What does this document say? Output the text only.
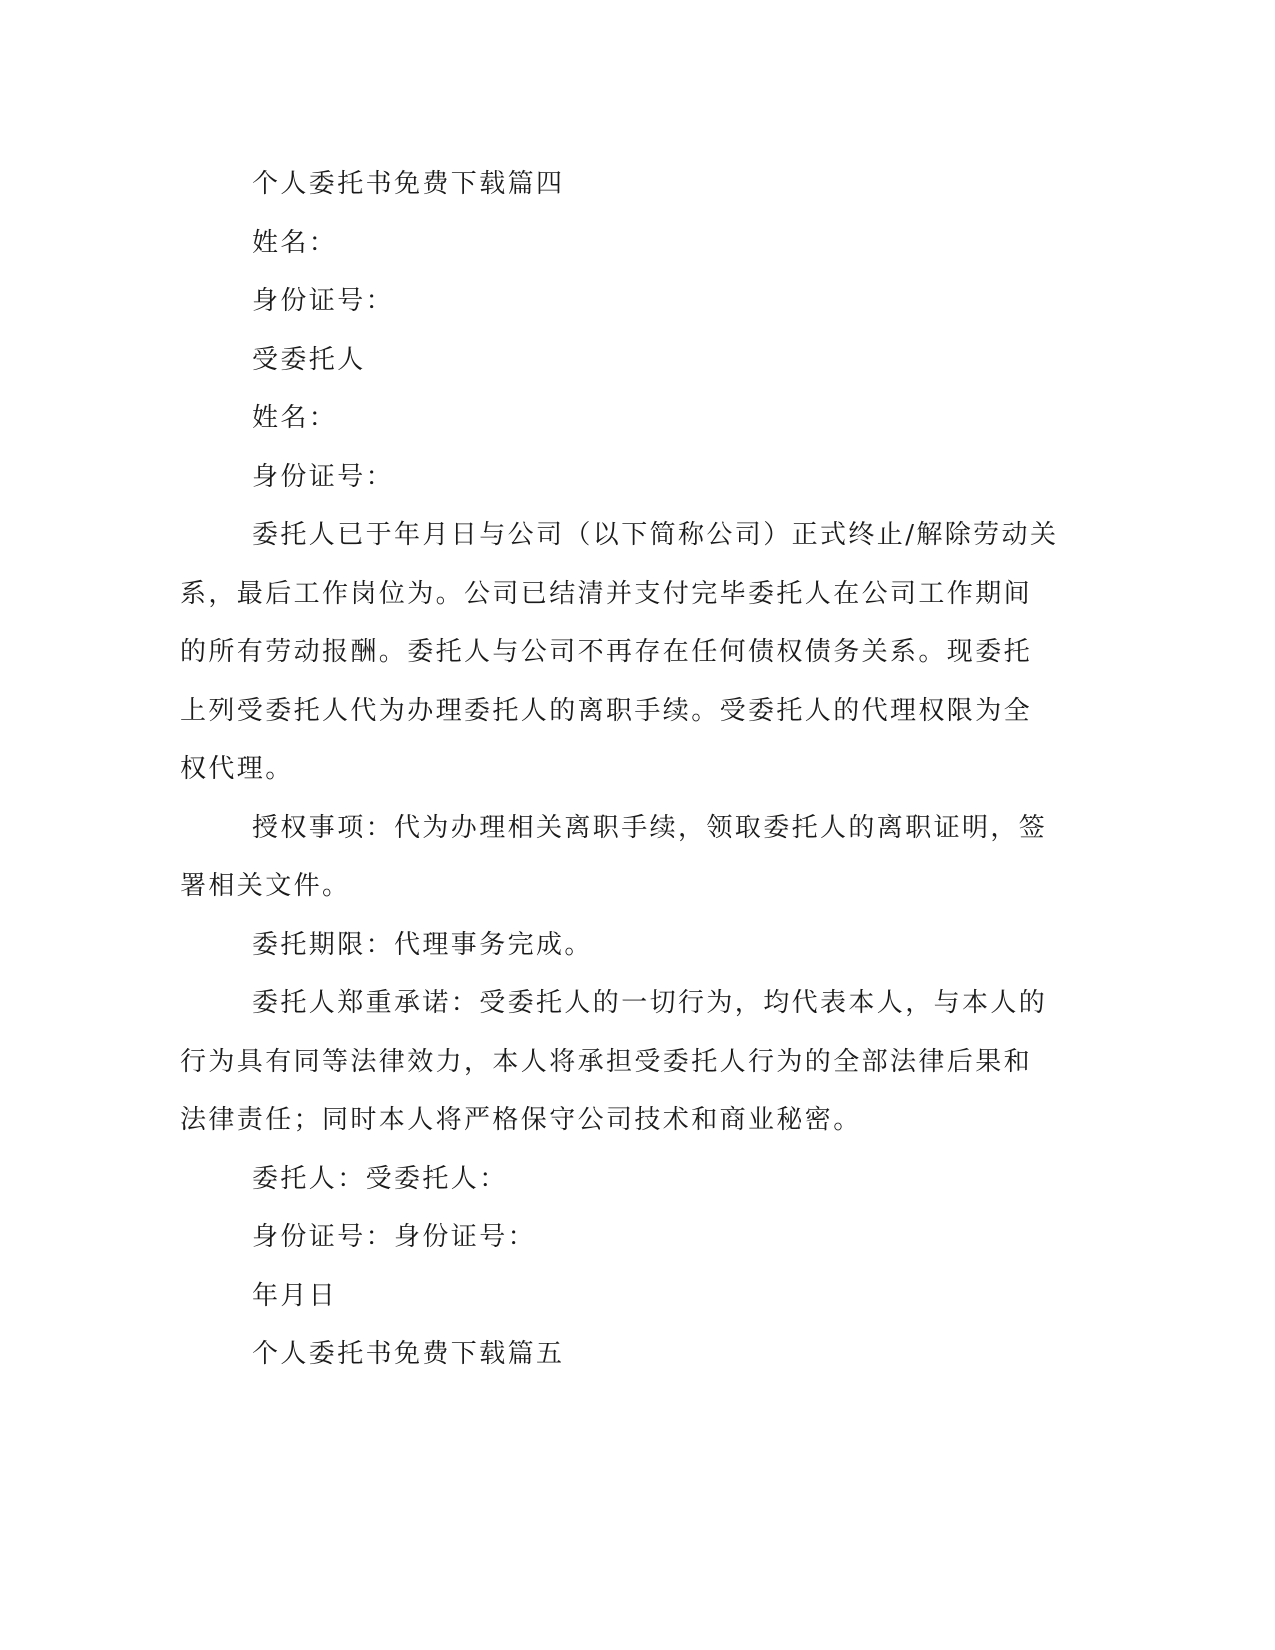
个人委托书免费下载篇四
姓名：
身份证号：
受委托人
姓名：
身份证号：
委托人已于年月日与公司（以下简称公司）正式终止/解除劳动关
系，最后工作岗位为。公司已结清并支付完毕委托人在公司工作期间
的所有劳动报酬。委托人与公司不再存在任何债权债务关系。现委托
上列受委托人代为办理委托人的离职手续。受委托人的代理权限为全
权代理。
授权事项：代为办理相关离职手续，领取委托人的离职证明，签
署相关文件。
委托期限：代理事务完成。
委托人郑重承诺：受委托人的一切行为，均代表本人，与本人的
行为具有同等法律效力，本人将承担受委托人行为的全部法律后果和
法律责任；同时本人将严格保守公司技术和商业秘密。
委托人：受委托人：
身份证号：身份证号：
年月日
个人委托书免费下载篇五
